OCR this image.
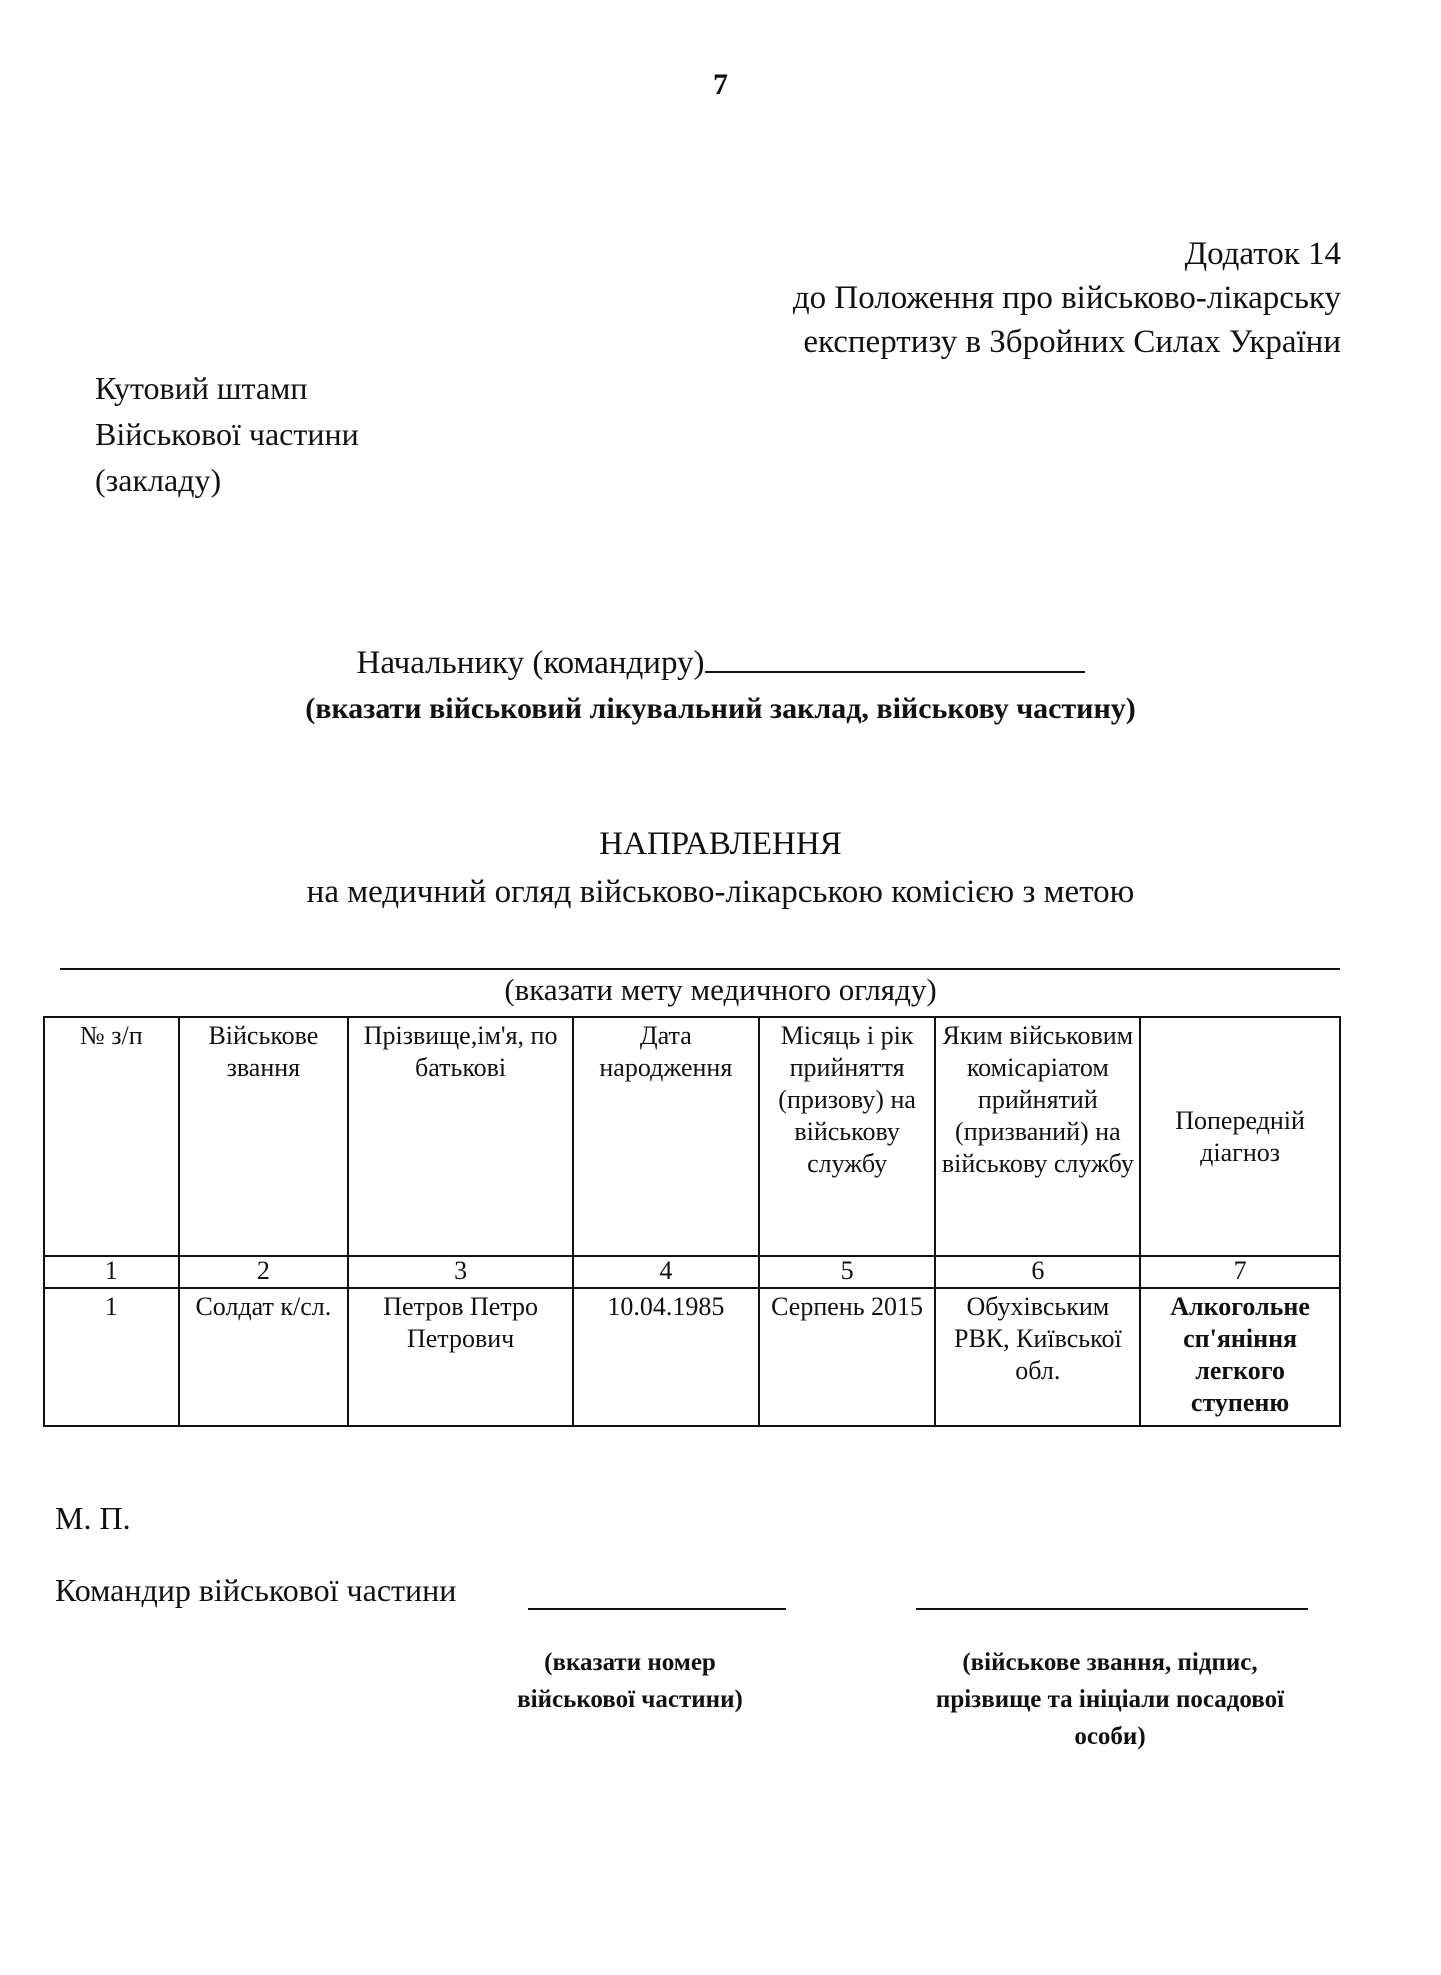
7
Додаток 14
до Положення про військово-лікарську
експертизу в Збройних Силах України
Кутовий штамп
Військової частини
(закладу)
Начальнику (командиру)
(вказати військовий лікувальний заклад, військову частину)
НАПРАВЛЕННЯ
на медичний огляд військово-лікарською комісією з метою
(вказати мету медичного огляду)
№ з/п	Військове звання	Прізвище,ім'я, по батькові	Дата народження	Місяць і рік прийняття (призову) на військову службу	Яким військовим комісаріатом прийнятий (призваний) на військову службу	Попередній діагноз
1	2	3	4	5	6	7
1	Солдат к/сл.	Петров Петро Петрович	10.04.1985	Серпень 2015	Обухівським РВК, Київської обл.	Алкогольне сп'яніння легкого ступеню
М. П.
Командир військової частини
(вказати номер
військової частини)
(військове звання, підпис,
прізвище та ініціали посадової
особи)
